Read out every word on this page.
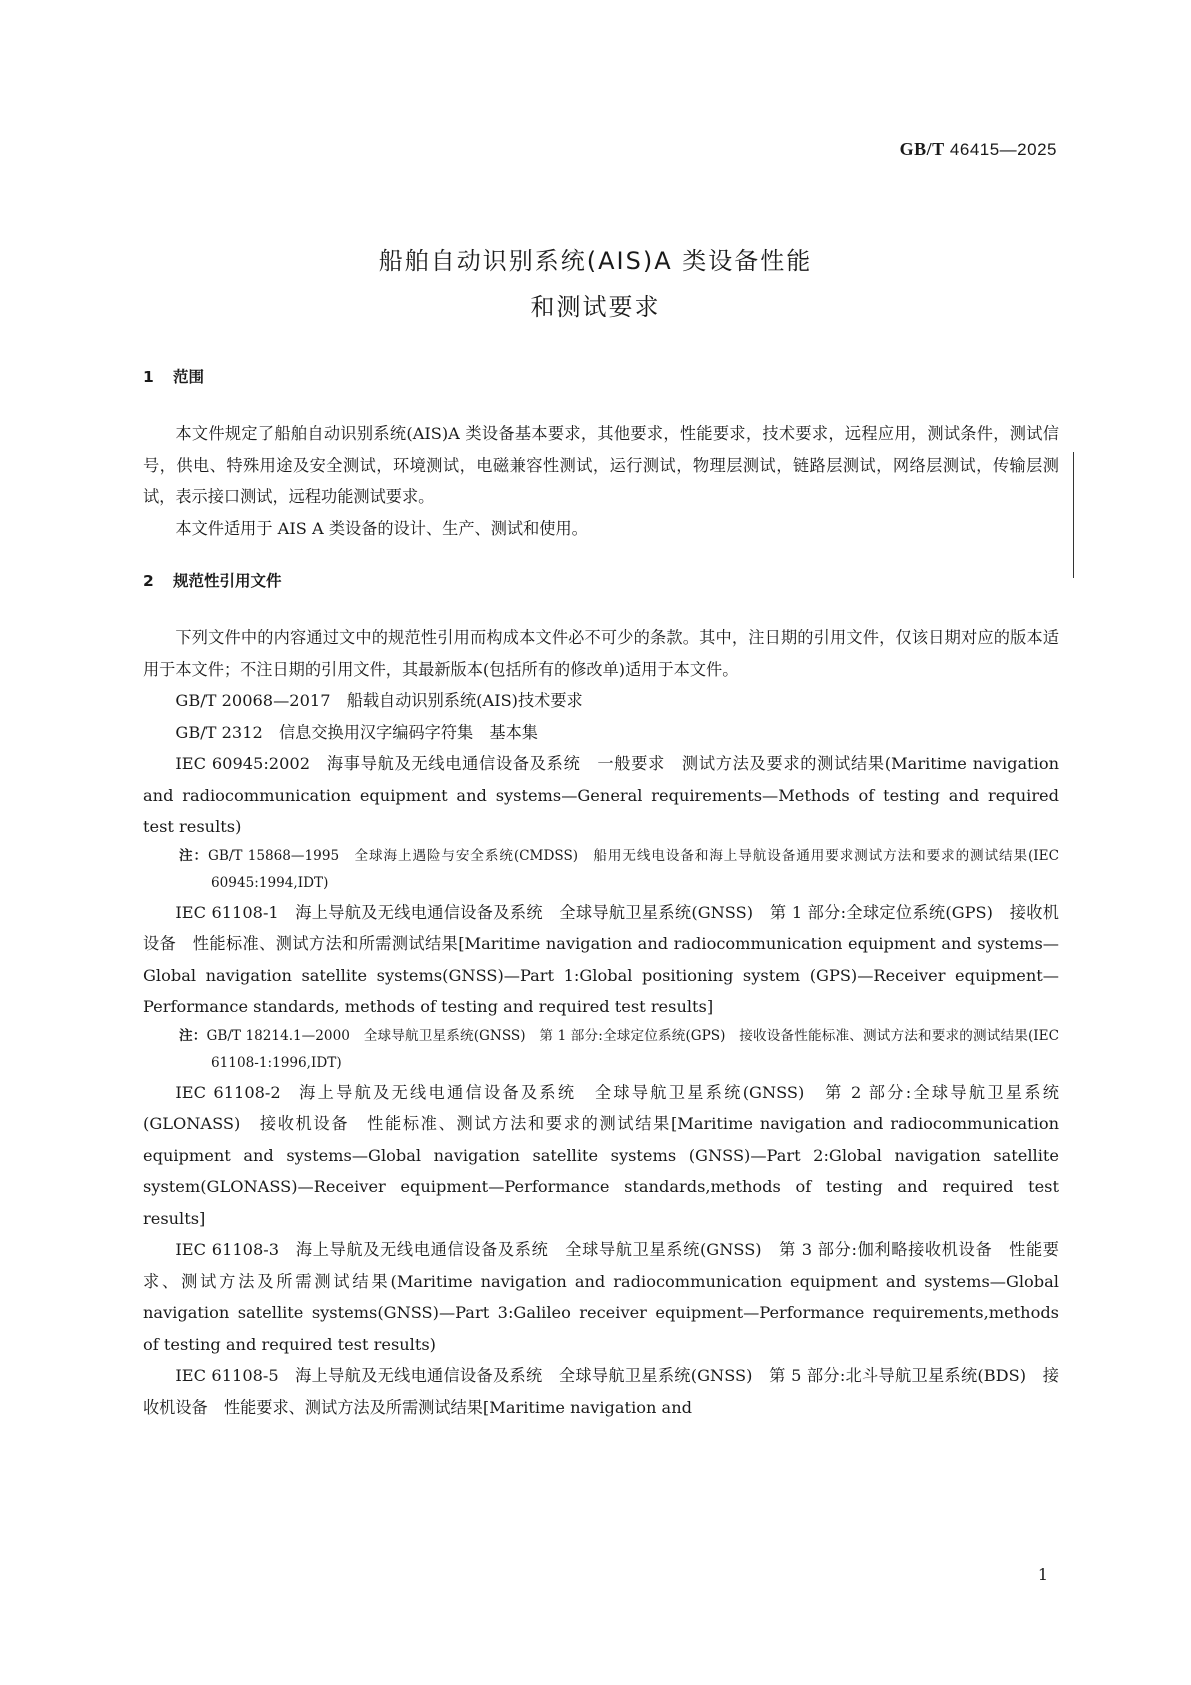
GB/T 46415—2025
船舶自动识别系统(AIS)A 类设备性能
和测试要求
1 范围

本文件规定了船舶自动识别系统(AIS)A 类设备基本要求，其他要求，性能要求，技术要求，远程应用，测试条件，测试信号，供电、特殊用途及安全测试，环境测试，电磁兼容性测试，运行测试，物理层测试，链路层测试，网络层测试，传输层测试，表示接口测试，远程功能测试要求。

本文件适用于 AIS A 类设备的设计、生产、测试和使用。

2 规范性引用文件

下列文件中的内容通过文中的规范性引用而构成本文件必不可少的条款。其中，注日期的引用文件，仅该日期对应的版本适用于本文件；不注日期的引用文件，其最新版本(包括所有的修改单)适用于本文件。

GB/T 20068—2017 船载自动识别系统(AIS)技术要求

GB/T 2312 信息交换用汉字编码字符集　基本集

IEC 60945:2002 海事导航及无线电通信设备及系统　一般要求　测试方法及要求的测试结果(Maritime navigation and radiocommunication equipment and systems—General requirements—Methods of testing and required test results)

注：GB/T 15868—1995　全球海上遇险与安全系统(CMDSS)　船用无线电设备和海上导航设备通用要求测试方法和要求的测试结果(IEC 60945:1994,IDT)

IEC 61108-1 海上导航及无线电通信设备及系统　全球导航卫星系统(GNSS)　第 1 部分:全球定位系统(GPS)　接收机设备　性能标准、测试方法和所需测试结果[Maritime navigation and radiocommunication equipment and systems—Global navigation satellite systems(GNSS)—Part 1:Global positioning system (GPS)—Receiver equipment—Performance standards, methods of testing and required test results]

注：GB/T 18214.1—2000　全球导航卫星系统(GNSS)　第 1 部分:全球定位系统(GPS)　接收设备性能标准、测试方法和要求的测试结果(IEC 61108-1:1996,IDT)

IEC 61108-2 海上导航及无线电通信设备及系统　全球导航卫星系统(GNSS)　第 2 部分:全球导航卫星系统(GLONASS)　接收机设备　性能标准、测试方法和要求的测试结果[Maritime navigation and radiocommunication equipment and systems—Global navigation satellite systems (GNSS)—Part 2:Global navigation satellite system(GLONASS)—Receiver equipment—Performance standards,methods of testing and required test results]

IEC 61108-3 海上导航及无线电通信设备及系统　全球导航卫星系统(GNSS)　第 3 部分:伽利略接收机设备　性能要求、测试方法及所需测试结果(Maritime navigation and radiocommunication equipment and systems—Global navigation satellite systems(GNSS)—Part 3:Galileo receiver equipment—Performance requirements,methods of testing and required test results)

IEC 61108-5 海上导航及无线电通信设备及系统　全球导航卫星系统(GNSS)　第 5 部分:北斗导航卫星系统(BDS)　接收机设备　性能要求、测试方法及所需测试结果[Maritime navigation and

1
